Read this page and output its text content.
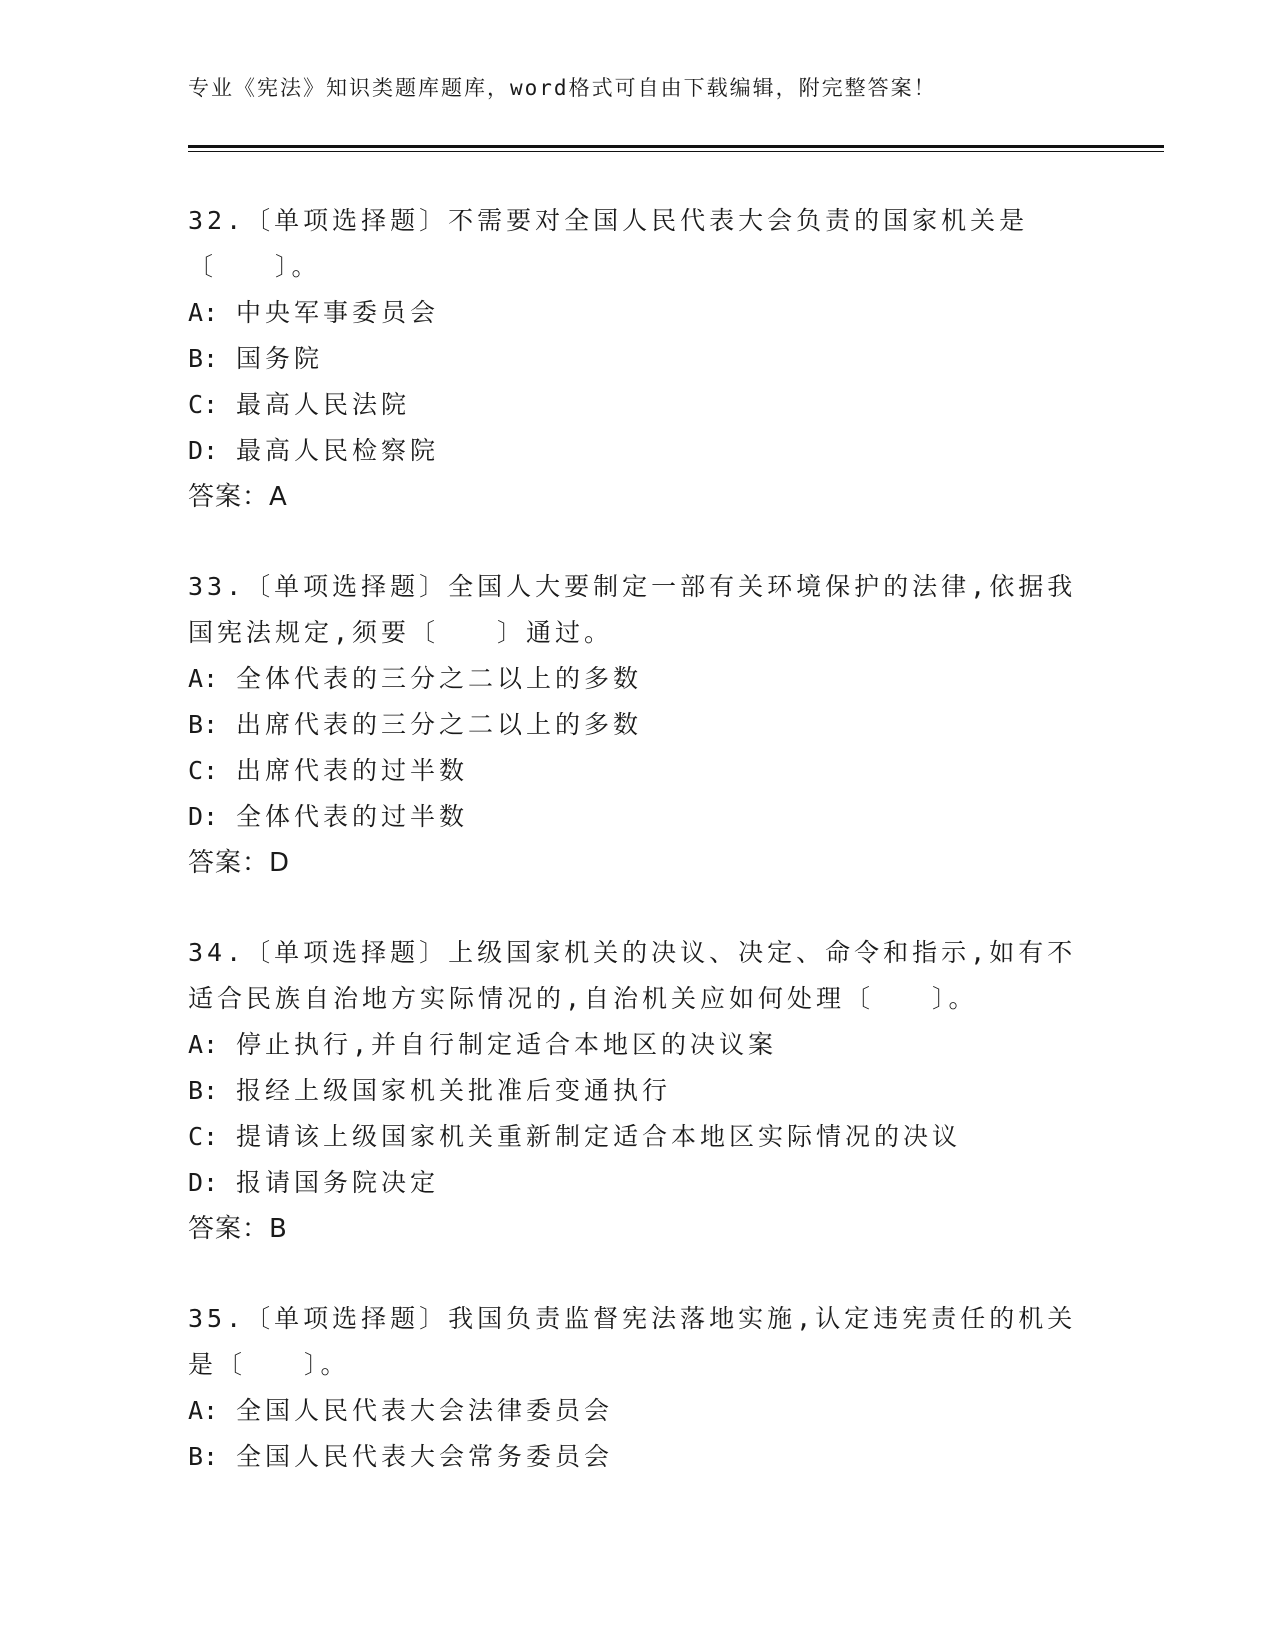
专业《宪法》知识类题库题库，word格式可自由下载编辑，附完整答案！

32.〔单项选择题〕不需要对全国人民代表大会负责的国家机关是〔　　〕。

A: 中央军事委员会
B: 国务院
C: 最高人民法院
D: 最高人民检察院
答案：A

33.〔单项选择题〕全国人大要制定一部有关环境保护的法律,依据我国宪法规定,须要〔　　〕通过。

A: 全体代表的三分之二以上的多数
B: 出席代表的三分之二以上的多数
C: 出席代表的过半数
D: 全体代表的过半数
答案：D

34.〔单项选择题〕上级国家机关的决议、决定、命令和指示,如有不适合民族自治地方实际情况的,自治机关应如何处理〔　　〕。

A: 停止执行,并自行制定适合本地区的决议案
B: 报经上级国家机关批准后变通执行
C: 提请该上级国家机关重新制定适合本地区实际情况的决议
D: 报请国务院决定
答案：B

35.〔单项选择题〕我国负责监督宪法落地实施,认定违宪责任的机关是〔　　〕。

A: 全国人民代表大会法律委员会
B: 全国人民代表大会常务委员会
